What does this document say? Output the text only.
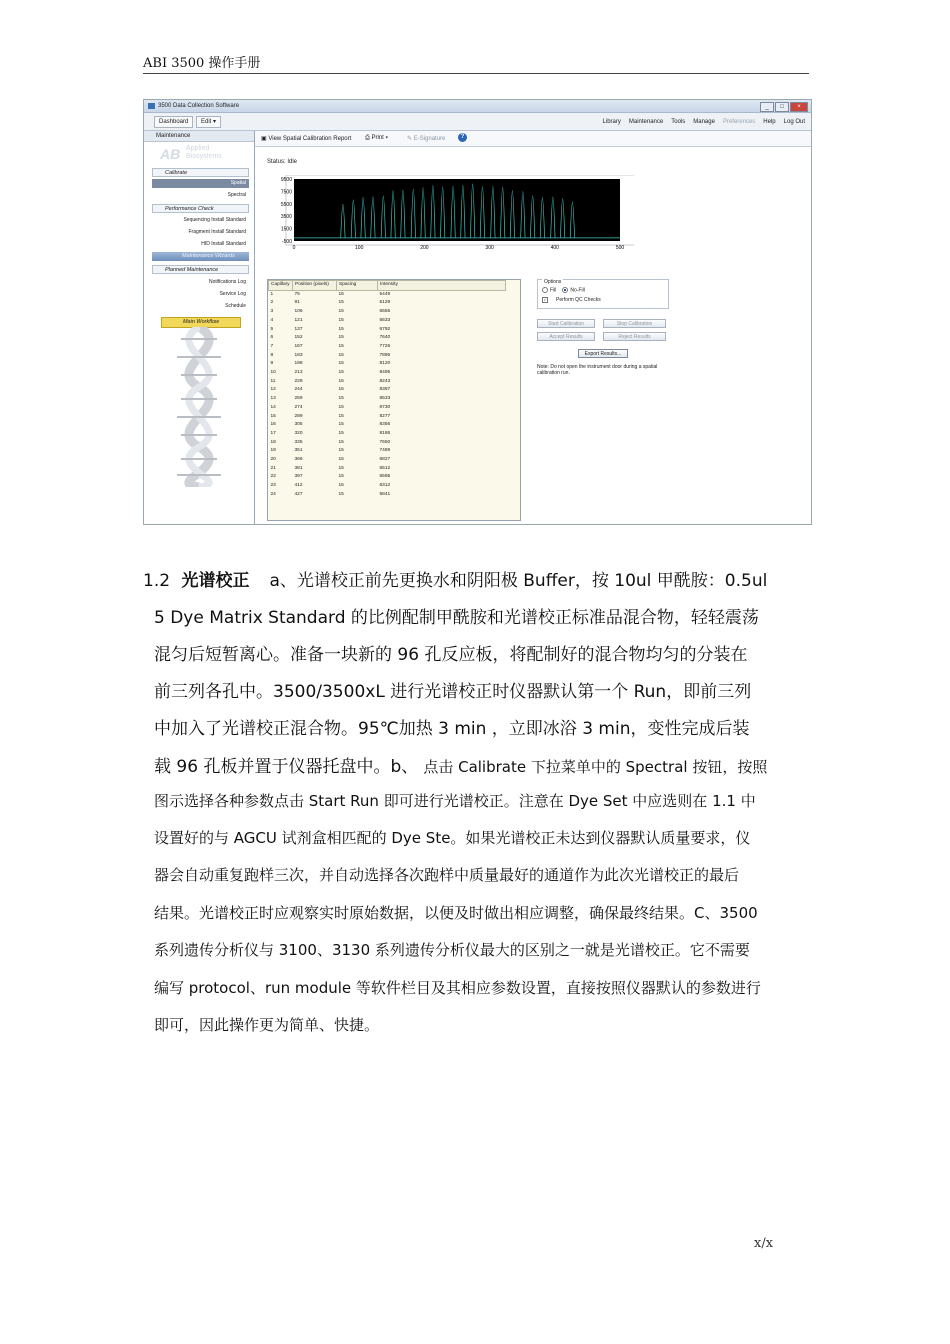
ABI 3500 操作手册
3500 Data Collection Software	_	□	×
Dashboard	Edit ▾	Library Maintenance Tools Manage Preferences Help Log Out
Maintenance
AB Applied
Biosystems
Calibrate
Spatial
Spectral
Performance Check
Sequencing Install Standard
Fragment Install Standard
HID Install Standard
Maintenance Wizards
Planned Maintenance
Notifications Log
Service Log
Schedule
Main Workflow
▣ View Spatial Calibration Report ⎙ Print ▾	✎ E-Signature	?
Status: Idle
9500
7500
5500
3500
1500
-500
0	100	200	300	400	500
Capillary	Position (pixels)	Spacing	Intensity
1	75	16	5449
2	91	15	6129
3	106	15	6555
4	121	15	6633
5	137	15	6792
6	152	15	7640
7	167	15	7726
8	183	15	7896
9	198	15	8120
10	213	15	8495
11	228	15	8243
12	244	15	8367
13	259	15	8533
14	274	15	8730
15	289	15	8277
16	305	15	8356
17	320	15	8186
18	335	15	7650
19	351	15	7489
20	366	15	6827
21	381	15	6512
22	397	15	6595
23	412	15	6312
24	427	15	5841
Options
Fill	No-Fill
✓ Perform QC Checks
Start Calibration	Stop Calibration
Accept Results	Reject Results
Export Results...
Note: Do not open the instrument door during a spatial calibration run.
1.2 光谱校正 a、光谱校正前先更换水和阴阳极 Buffer，按 10ul 甲酰胺：0.5ul
5 Dye Matrix Standard 的比例配制甲酰胺和光谱校正标准品混合物，轻轻震荡
混匀后短暂离心。准备一块新的 96 孔反应板，将配制好的混合物均匀的分装在
前三列各孔中。3500/3500xL 进行光谱校正时仪器默认第一个 Run，即前三列
中加入了光谱校正混合物。95℃加热 3 min ，立即冰浴 3 min，变性完成后装
载 96 孔板并置于仪器托盘中。b、 点击 Calibrate 下拉菜单中的 Spectral 按钮，按照
图示选择各种参数点击 Start Run 即可进行光谱校正。注意在 Dye Set 中应选则在 1.1 中
设置好的与 AGCU 试剂盒相匹配的 Dye Ste。如果光谱校正未达到仪器默认质量要求，仪
器会自动重复跑样三次，并自动选择各次跑样中质量最好的通道作为此次光谱校正的最后
结果。光谱校正时应观察实时原始数据，以便及时做出相应调整，确保最终结果。C、3500
系列遗传分析仪与 3100、3130 系列遗传分析仪最大的区别之一就是光谱校正。它不需要
编写 protocol、run module 等软件栏目及其相应参数设置，直接按照仪器默认的参数进行
即可，因此操作更为简单、快捷。
x/x
